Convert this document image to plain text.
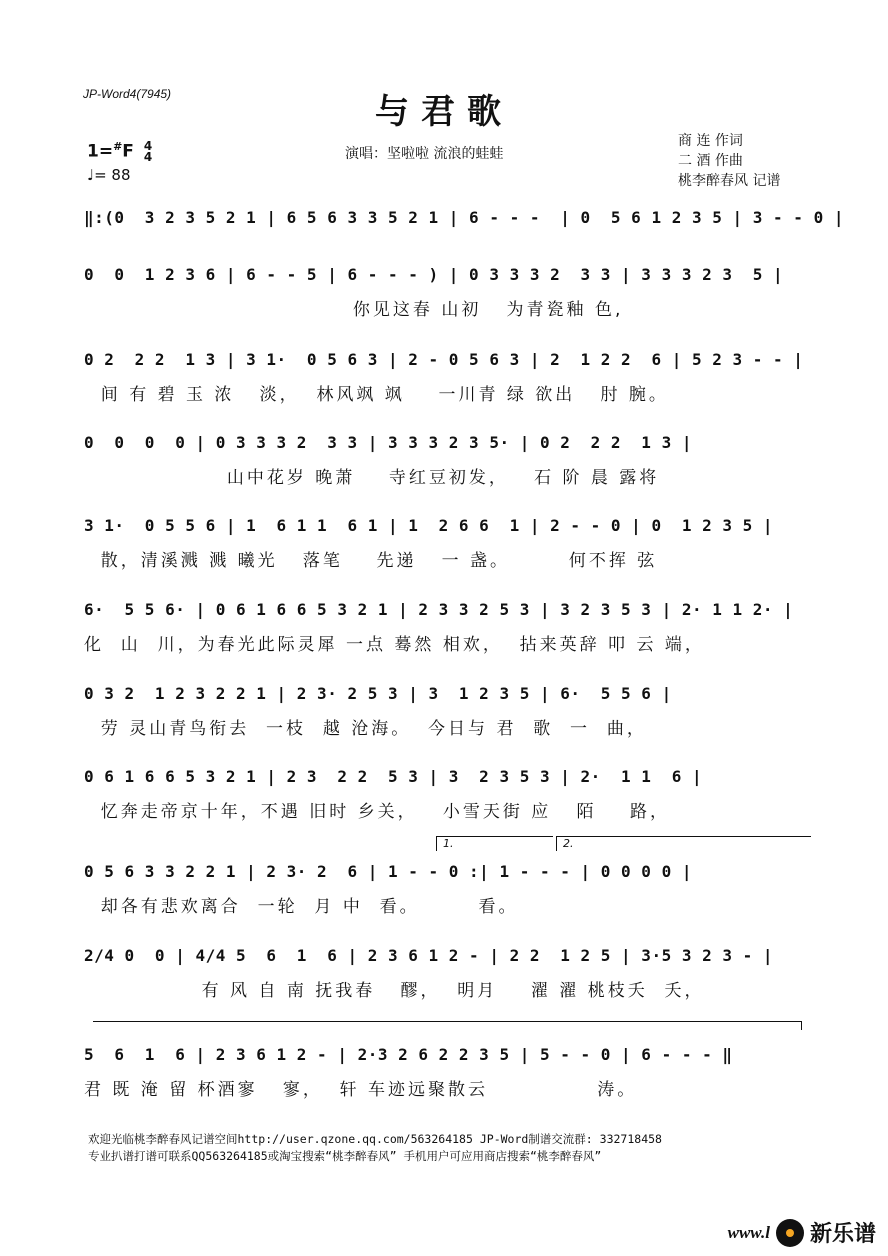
JP-Word4(7945)	与君歌
演唱：坚啦啦 流浪的蛙蛙
商 连 作词
二 酒 作曲
桃李醉春风 记谱
1=#F 4
4
♩= 88
‖:(0  3 2 3 5 2 1 | 6 5 6 3 3 5 2 1 | 6 - - -  | 0  5 6 1 2 3 5 | 3 - - 0 |
0  0  1 2 3 6 | 6 - - 5 | 6 - - - ) | 0 3 3 3 2  3 3 | 3 3 3 2 3  5 |
你见这春 山初   为青瓷釉 色,
0 2  2 2  1 3 | 3 1·  0 5 6 3 | 2 - 0 5 6 3 | 2  1 2 2  6 | 5 2 3 - - |
间 有 碧 玉 浓   淡，  林风飒 飒    一川青 绿 欲出   肘 腕。
0  0  0  0 | 0 3 3 3 2  3 3 | 3 3 3 2 3 5· | 0 2  2 2  1 3 |
山中花岁 晚萧    寺红豆初发，   石 阶 晨 露将
3 1·  0 5 5 6 | 1  6 1 1  6 1 | 1  2 6 6  1 | 2 - - 0 | 0  1 2 3 5 |
散，清溪溅 溅 曦光   落笔    先递   一 盏。       何不挥 弦
6·  5 5 6· | 0 6 1 6 6 5 3 2 1 | 2 3 3 2 5 3 | 3 2 3 5 3 | 2· 1 1 2· |
化  山  川，为春光此际灵犀 一点 蓦然 相欢，  拈来英辞 叩 云 端，
0 3 2  1 2 3 2 2 1 | 2 3· 2 5 3 | 3  1 2 3 5 | 6·  5 5 6 |
劳 灵山青鸟衔去  一枝  越 沧海。  今日与 君  歌  一  曲，
0 6 1 6 6 5 3 2 1 | 2 3  2 2  5 3 | 3  2 3 5 3 | 2·  1 1  6 |
忆奔走帝京十年，不遇 旧时 乡关，   小雪天街 应   陌    路，
1.	2.
0 5 6 3 3 2 2 1 | 2 3· 2  6 | 1 - - 0 :| 1 - - - | 0 0 0 0 |
却各有悲欢离合  一轮  月 中  看。       看。
2/4 0  0 | 4/4 5  6  1  6 | 2 3 6 1 2 - | 2 2  1 2 5 | 3·5 3 2 3 - |
有 风 自 南 抚我春   醪，  明月    濯 濯 桃枝夭  夭，
5  6  1  6 | 2 3 6 1 2 - | 2·3 2 6 2 2 3 5 | 5 - - 0 | 6 - - - ‖
君 既 淹 留 杯酒寥   寥，  轩 车迹远聚散云             涛。
欢迎光临桃李醉春风记谱空间http://user.qzone.qq.com/563264185 JP-Word制谱交流群: 332718458
专业扒谱打谱可联系QQ563264185或淘宝搜索“桃李醉春风” 手机用户可应用商店搜索“桃李醉春风”
www.l 新乐谱
